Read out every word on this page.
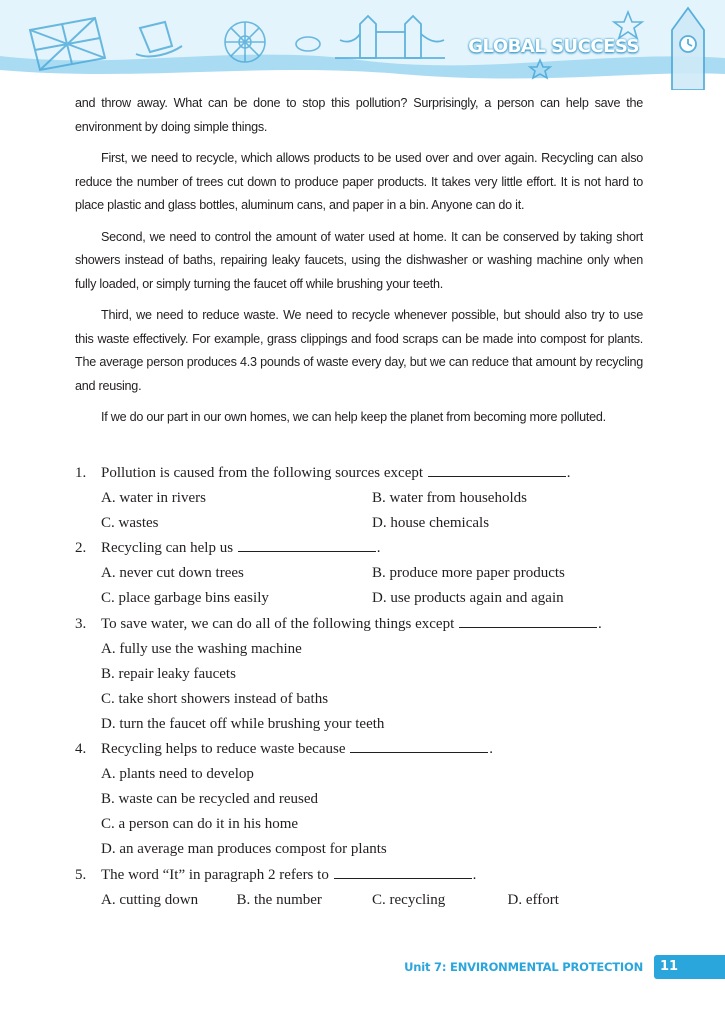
GLOBAL SUCCESS

and throw away. What can be done to stop this pollution? Surprisingly, a person can help save the environment by doing simple things.

First, we need to recycle, which allows products to be used over and over again. Recycling can also reduce the number of trees cut down to produce paper products. It takes very little effort. It is not hard to place plastic and glass bottles, aluminum cans, and paper in a bin. Anyone can do it.

Second, we need to control the amount of water used at home. It can be conserved by taking short showers instead of baths, repairing leaky faucets, using the dishwasher or washing machine only when fully loaded, or simply turning the faucet off while brushing your teeth.

Third, we need to reduce waste. We need to recycle whenever possible, but should also try to use this waste effectively. For example, grass clippings and food scraps can be made into compost for plants. The average person produces 4.3 pounds of waste every day, but we can reduce that amount by recycling and reusing.

If we do our part in our own homes, we can help keep the planet from becoming more polluted.

1. Pollution is caused from the following sources except	.
A. water in rivers	B. water from households
C. wastes	D. house chemicals
2. Recycling can help us	.
A. never cut down trees	B. produce more paper products
C. place garbage bins easily	D. use products again and again
3. To save water, we can do all of the following things except	.
A. fully use the washing machine
B. repair leaky faucets
C. take short showers instead of baths
D. turn the faucet off while brushing your teeth
4. Recycling helps to reduce waste because	.
A. plants need to develop
B. waste can be recycled and reused
C. a person can do it in his home
D. an average man produces compost for plants
5. The word “It” in paragraph 2 refers to	.
A. cutting down	B. the number	C. recycling	D. effort
Unit 7: ENVIRONMENTAL PROTECTION	11
